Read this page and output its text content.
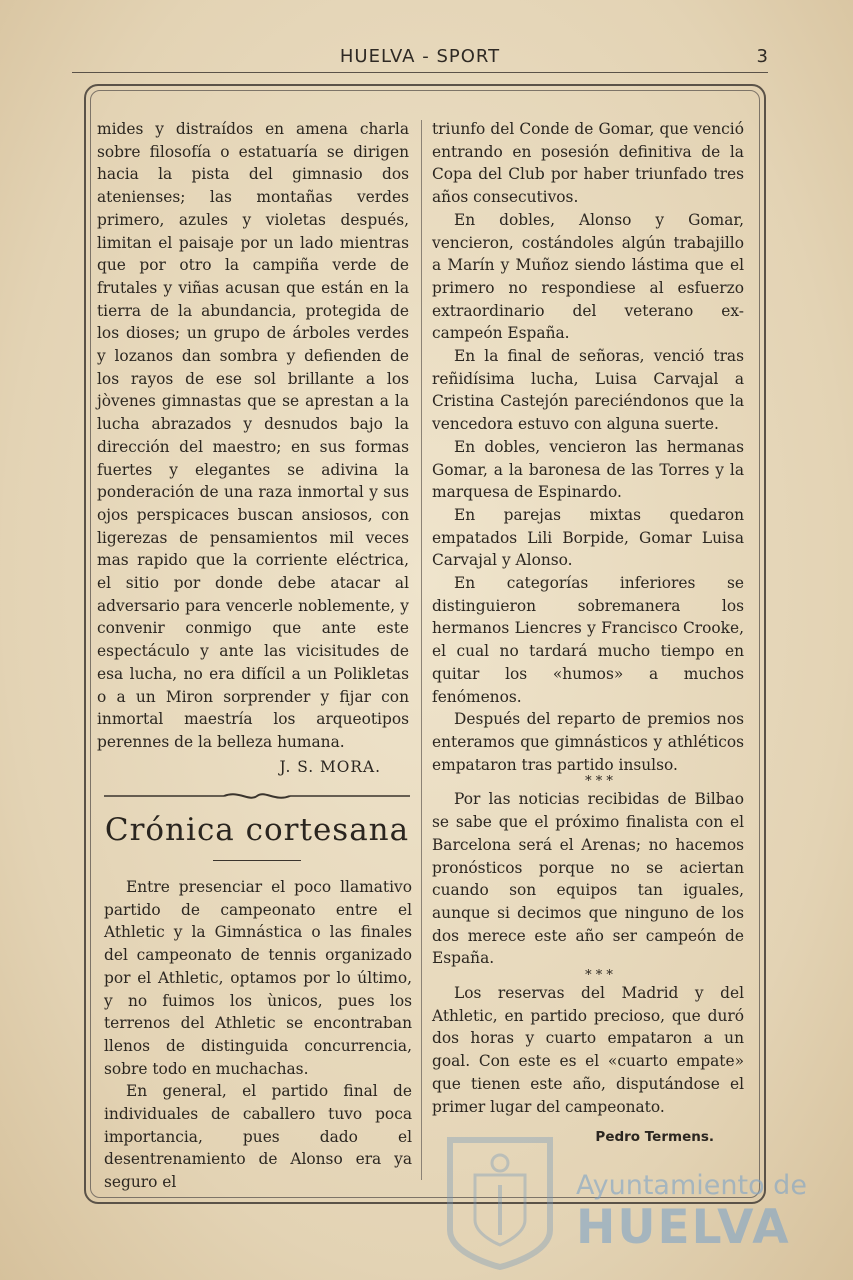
HUELVA - SPORT	3

mides y distraídos en amena charla sobre filosofía o estatuaría se dirigen hacia la pista del gimnasio dos atenienses; las montañas verdes primero, azules y violetas después, limitan el paisaje por un lado mientras que por otro la campiña verde de frutales y viñas acusan que están en la tierra de la abundancia, protegida de los dioses; un grupo de árboles verdes y lozanos dan sombra y defienden de los rayos de ese sol brillante a los jòvenes gimnastas que se aprestan a la lucha abrazados y desnudos bajo la dirección del maestro; en sus formas fuertes y elegantes se adivina la ponderación de una raza inmortal y sus ojos perspicaces buscan ansiosos, con ligerezas de pensamientos mil veces mas rapido que la corriente eléctrica, el sitio por donde debe atacar al adversario para vencerle noblemente, y convenir conmigo que ante este espectáculo y ante las vicisitudes de esa lucha, no era difícil a un Polikletas o a un Miron sorprender y fijar con inmortal maestría los arqueotipos perennes de la belleza humana.

J. S. MORA.
Crónica cortesana

Entre presenciar el poco llamativo partido de campeonato entre el Athletic y la Gimnástica o las finales del campeonato de tennis organizado por el Athletic, optamos por lo último, y no fuimos los ùnicos, pues los terrenos del Athletic se encontraban llenos de distinguida concurrencia, sobre todo en muchachas.

En general, el partido final de individuales de caballero tuvo poca importancia, pues dado el desentrenamiento de Alonso era ya seguro el

triunfo del Conde de Gomar, que venció entrando en posesión definitiva de la Copa del Club por haber triunfado tres años consecutivos.

En dobles, Alonso y Gomar, vencieron, costándoles algún trabajillo a Marín y Muñoz siendo lástima que el primero no respondiese al esfuerzo extraordinario del veterano ex-campeón España.

En la final de señoras, venció tras reñidísima lucha, Luisa Carvajal a Cristina Castejón pareciéndonos que la vencedora estuvo con alguna suerte.

En dobles, vencieron las hermanas Gomar, a la baronesa de las Torres y la marquesa de Espinardo.

En parejas mixtas quedaron empatados Lili Borpide, Gomar Luisa Carvajal y Alonso.

En categorías inferiores se distinguieron sobremanera los hermanos Liencres y Francisco Crooke, el cual no tardará mucho tiempo en quitar los «humos» a muchos fenómenos.

Después del reparto de premios nos enteramos que gimnásticos y athléticos empataron tras partido insulso.

* * *

Por las noticias recibidas de Bilbao se sabe que el próximo finalista con el Barcelona será el Arenas; no hacemos pronósticos porque no se aciertan cuando son equipos tan iguales, aunque si decimos que ninguno de los dos merece este año ser campeón de España.

* * *

Los reservas del Madrid y del Athletic, en partido precioso, que duró dos horas y cuarto empataron a un goal. Con este es el «cuarto empate» que tienen este año, disputándose el primer lugar del campeonato.

Pedro Termens.
Ayuntamiento de
HUELVA
